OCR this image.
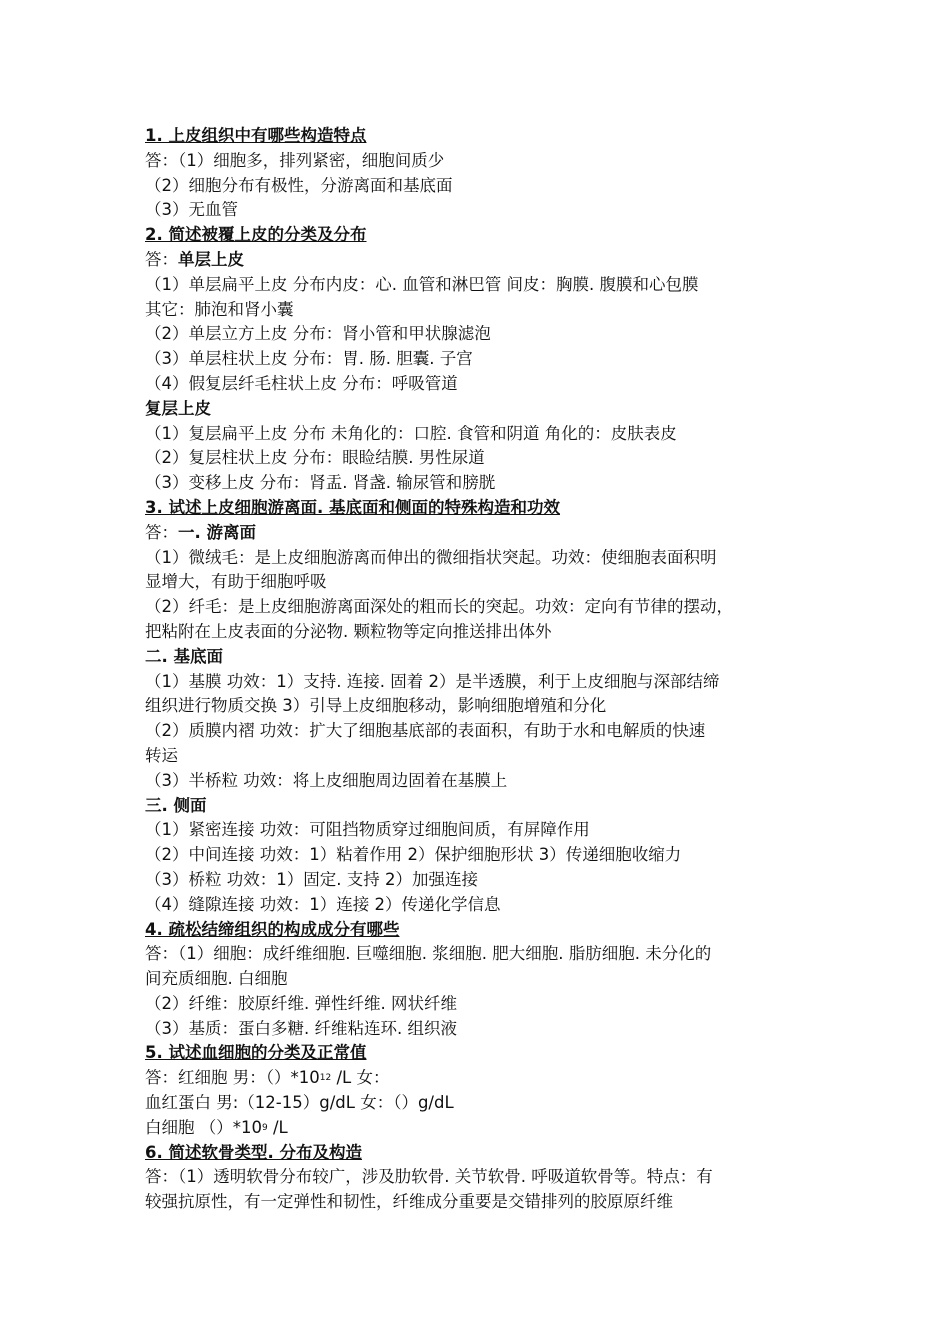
1. 上皮组织中有哪些构造特点
答：（1）细胞多，排列紧密，细胞间质少
（2）细胞分布有极性，分游离面和基底面
（3）无血管
2. 简述被覆上皮的分类及分布
答：单层上皮
（1）单层扁平上皮 分布内皮：心. 血管和淋巴管 间皮：胸膜. 腹膜和心包膜
其它：肺泡和肾小囊
（2）单层立方上皮 分布：肾小管和甲状腺滤泡
（3）单层柱状上皮 分布：胃. 肠. 胆囊. 子宫
（4）假复层纤毛柱状上皮 分布：呼吸管道
复层上皮
（1）复层扁平上皮 分布 未角化的：口腔. 食管和阴道 角化的：皮肤表皮
（2）复层柱状上皮 分布：眼睑结膜. 男性尿道
（3）变移上皮 分布：肾盂. 肾盏. 输尿管和膀胱
3. 试述上皮细胞游离面. 基底面和侧面的特殊构造和功效
答：一. 游离面
（1）微绒毛：是上皮细胞游离而伸出的微细指状突起。功效：使细胞表面积明
显增大，有助于细胞呼吸
（2）纤毛：是上皮细胞游离面深处的粗而长的突起。功效：定向有节律的摆动，
把粘附在上皮表面的分泌物. 颗粒物等定向推送排出体外
二. 基底面
（1）基膜 功效：1）支持. 连接. 固着 2）是半透膜，利于上皮细胞与深部结缔
组织进行物质交换 3）引导上皮细胞移动，影响细胞增殖和分化
（2）质膜内褶 功效：扩大了细胞基底部的表面积，有助于水和电解质的快速
转运
（3）半桥粒 功效：将上皮细胞周边固着在基膜上
三. 侧面
（1）紧密连接 功效：可阻挡物质穿过细胞间质，有屏障作用
（2）中间连接 功效：1）粘着作用 2）保护细胞形状 3）传递细胞收缩力
（3）桥粒 功效：1）固定. 支持 2）加强连接
（4）缝隙连接 功效：1）连接 2）传递化学信息
4. 疏松结缔组织的构成成分有哪些
答：（1）细胞：成纤维细胞. 巨噬细胞. 浆细胞. 肥大细胞. 脂肪细胞. 未分化的
间充质细胞. 白细胞
（2）纤维：胶原纤维. 弹性纤维. 网状纤维
（3）基质：蛋白多糖. 纤维粘连环. 组织液
5. 试述血细胞的分类及正常值
答：红细胞 男：$()*10^{12}$ /L 女：
血红蛋白 男:（12-15）g/dL 女：（）g/dL
白细胞 $()*10^9$ /L
6. 简述软骨类型. 分布及构造
答：（1）透明软骨分布较广，涉及肋软骨. 关节软骨. 呼吸道软骨等。特点：有
较强抗原性，有一定弹性和韧性，纤维成分重要是交错排列的胶原原纤维
